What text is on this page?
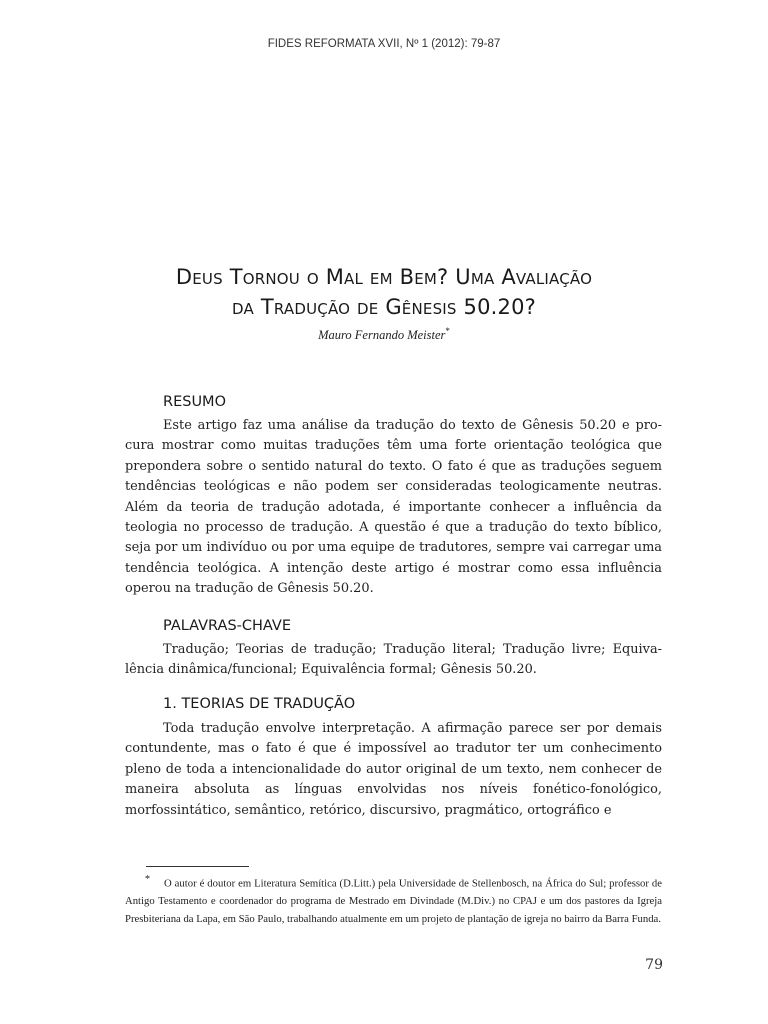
FIDES REFORMATA XVII, Nº 1 (2012): 79-87
Deus Tornou o Mal em Bem? Uma Avaliação
da Tradução de Gênesis 50.20?
Mauro Fernando Meister*
RESUMO

Este artigo faz uma análise da tradução do texto de Gênesis 50.20 e procura mostrar como muitas traduções têm uma forte orientação teológica que prepondera sobre o sentido natural do texto. O fato é que as traduções seguem tendências teológicas e não podem ser consideradas teologicamente neutras. Além da teoria de tradução adotada, é importante conhecer a influência da teologia no processo de tradução. A questão é que a tradução do texto bíblico, seja por um indivíduo ou por uma equipe de tradutores, sempre vai carregar uma tendência teológica. A intenção deste artigo é mostrar como essa influência operou na tradução de Gênesis 50.20.

PALAVRAS-CHAVE

Tradução; Teorias de tradução; Tradução literal; Tradução livre; Equivalência dinâmica/funcional; Equivalência formal; Gênesis 50.20.

1. TEORIAS DE TRADUÇÃO

Toda tradução envolve interpretação. A afirmação parece ser por demais contundente, mas o fato é que é impossível ao tradutor ter um conhecimento pleno de toda a intencionalidade do autor original de um texto, nem conhecer de maneira absoluta as línguas envolvidas nos níveis fonético-fonológico, morfossintático, semântico, retórico, discursivo, pragmático, ortográfico e

* O autor é doutor em Literatura Semítica (D.Litt.) pela Universidade de Stellenbosch, na África do Sul; professor de Antigo Testamento e coordenador do programa de Mestrado em Divindade (M.Div.) no CPAJ e um dos pastores da Igreja Presbiteriana da Lapa, em São Paulo, trabalhando atualmente em um projeto de plantação de igreja no bairro da Barra Funda.

79
